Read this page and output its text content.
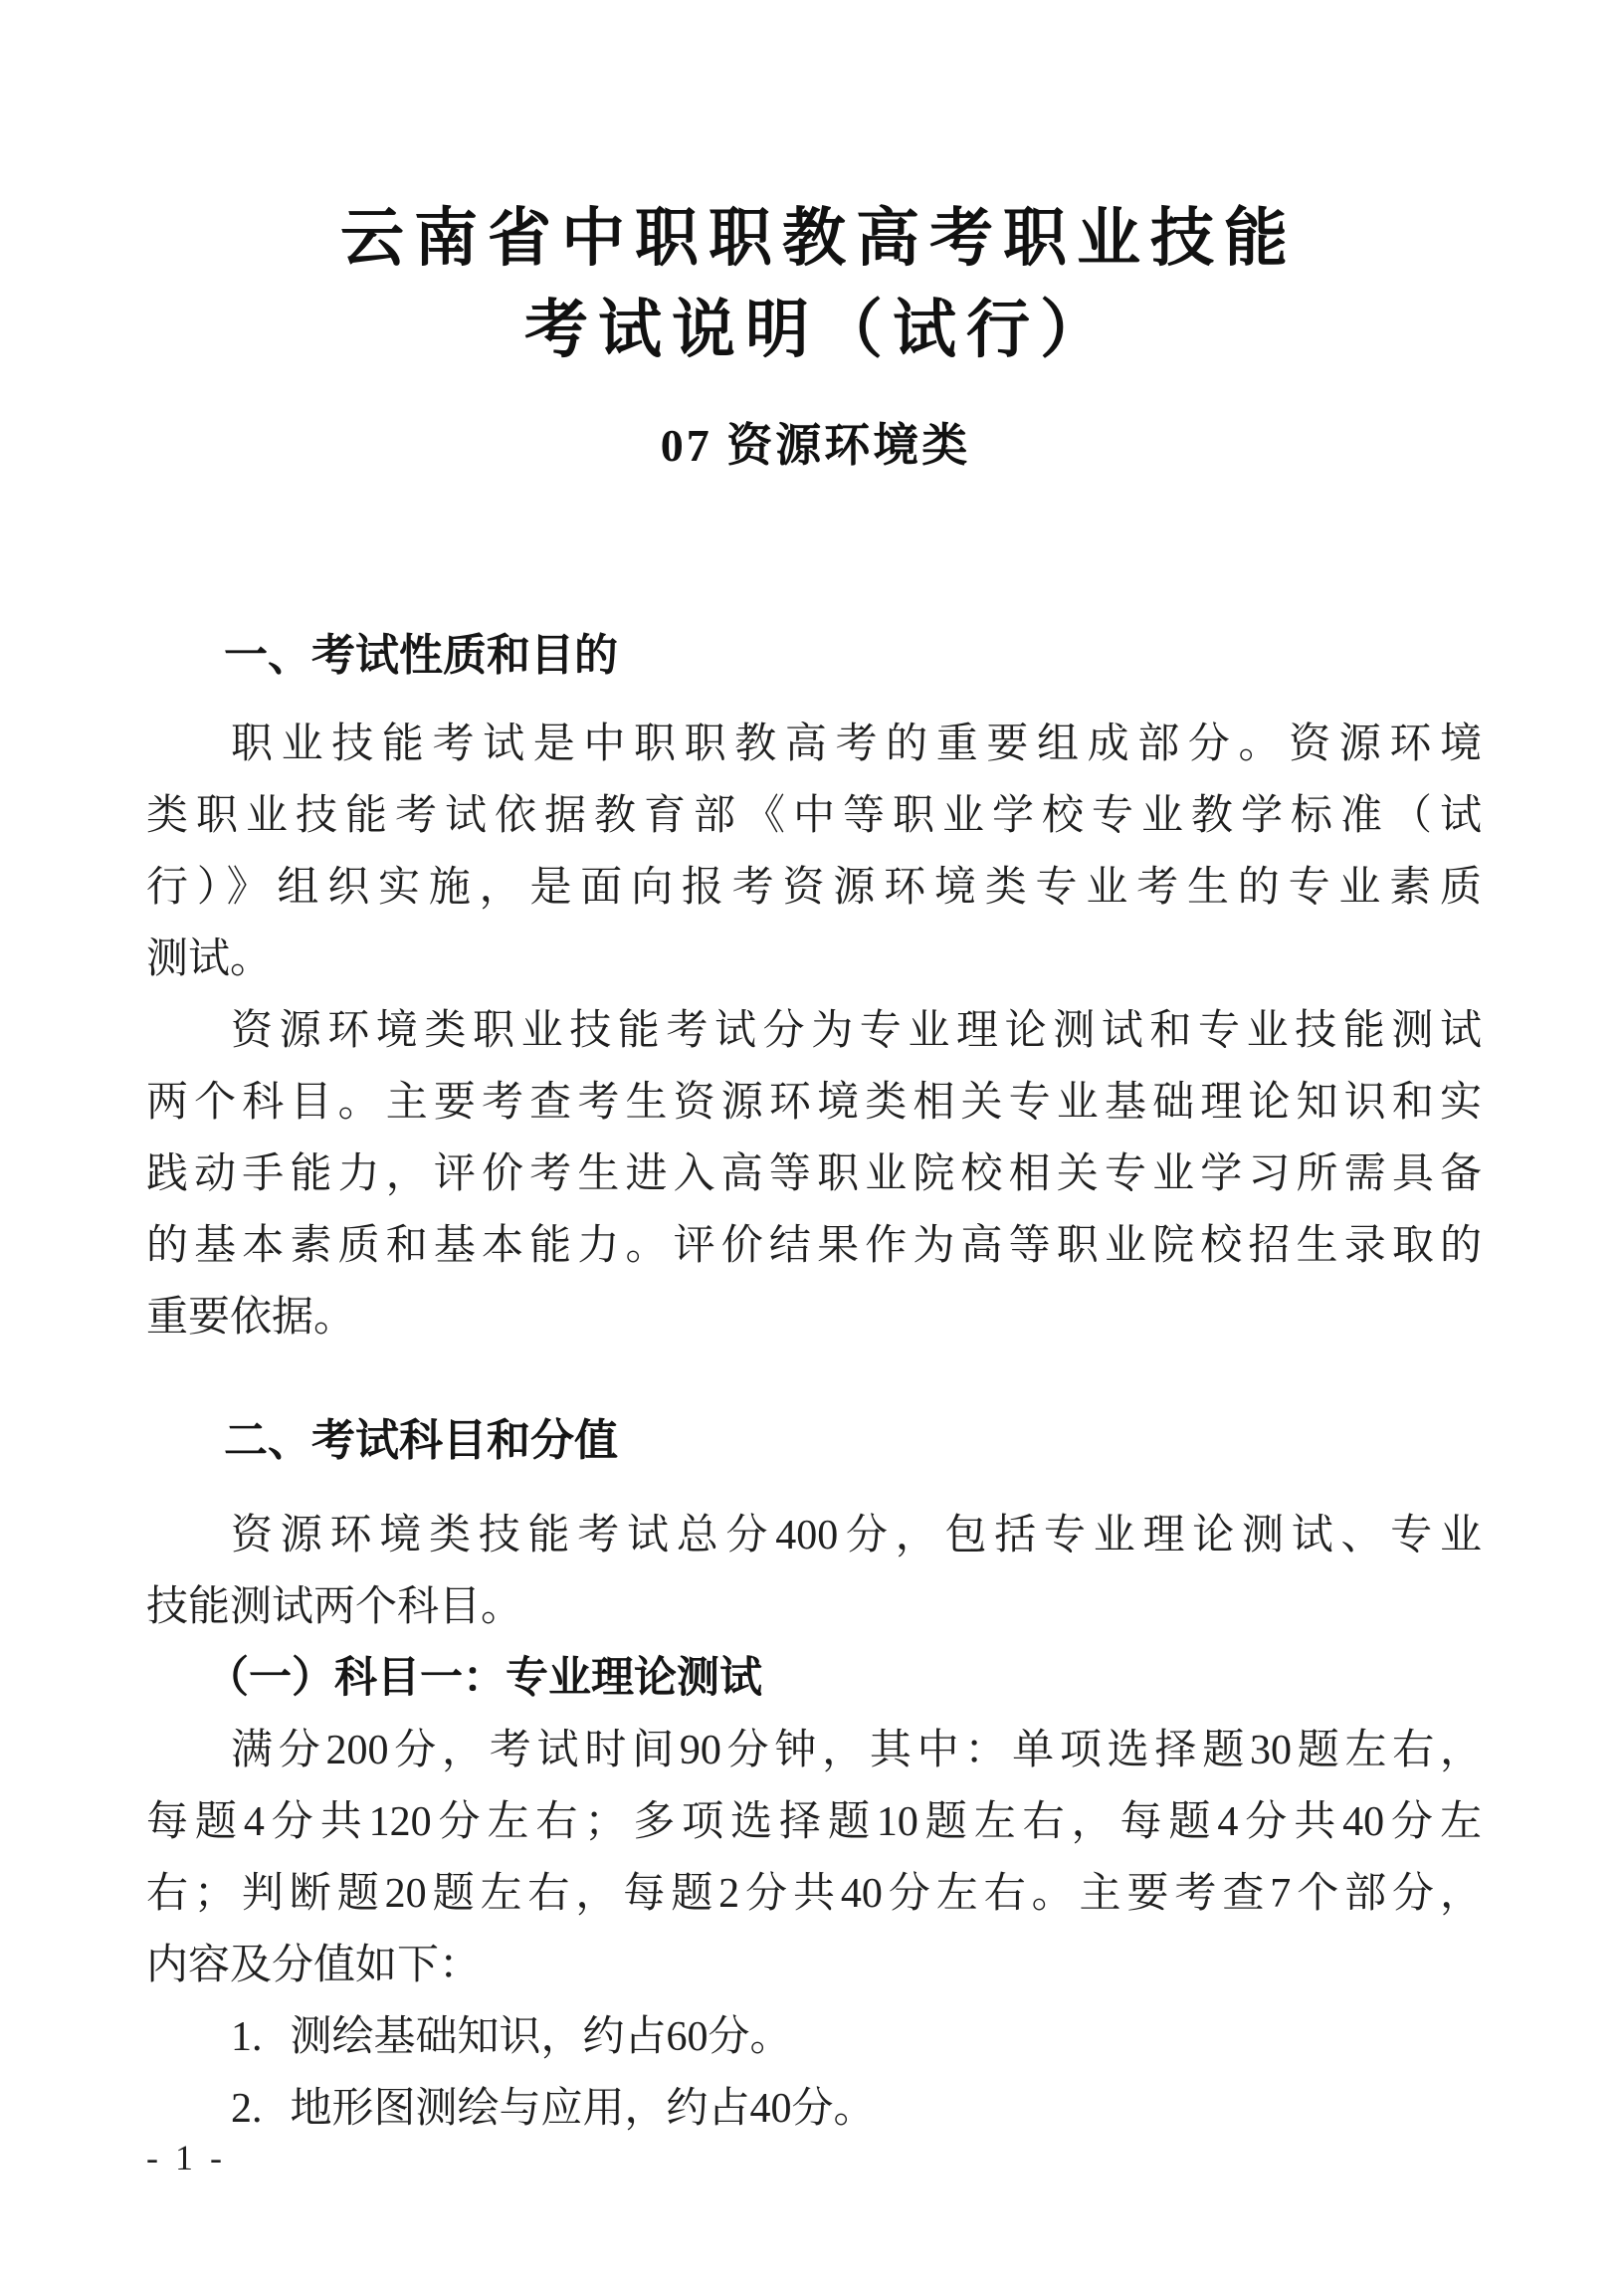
云南省中职职教高考职业技能
考试说明（试行）
07 资源环境类
一、考试性质和目的
职业技能考试是中职职教高考的重要组成部分。资源环境
类职业技能考试依据教育部《中等职业学校专业教学标准（试
行）》组织实施，是面向报考资源环境类专业考生的专业素质
测试。
资源环境类职业技能考试分为专业理论测试和专业技能测试
两个科目。主要考查考生资源环境类相关专业基础理论知识和实
践动手能力，评价考生进入高等职业院校相关专业学习所需具备
的基本素质和基本能力。评价结果作为高等职业院校招生录取的
重要依据。
二、考试科目和分值
资源环境类技能考试总分400分，包括专业理论测试、专业
技能测试两个科目。
（一）科目一：专业理论测试
满分200分，考试时间90分钟，其中：单项选择题30题左右，
每题4分共120分左右；多项选择题10题左右，每题4分共40分左
右；判断题20题左右，每题2分共40分左右。主要考查7个部分，
内容及分值如下：
1. 测绘基础知识，约占60分。
2. 地形图测绘与应用，约占40分。
- 1 -
